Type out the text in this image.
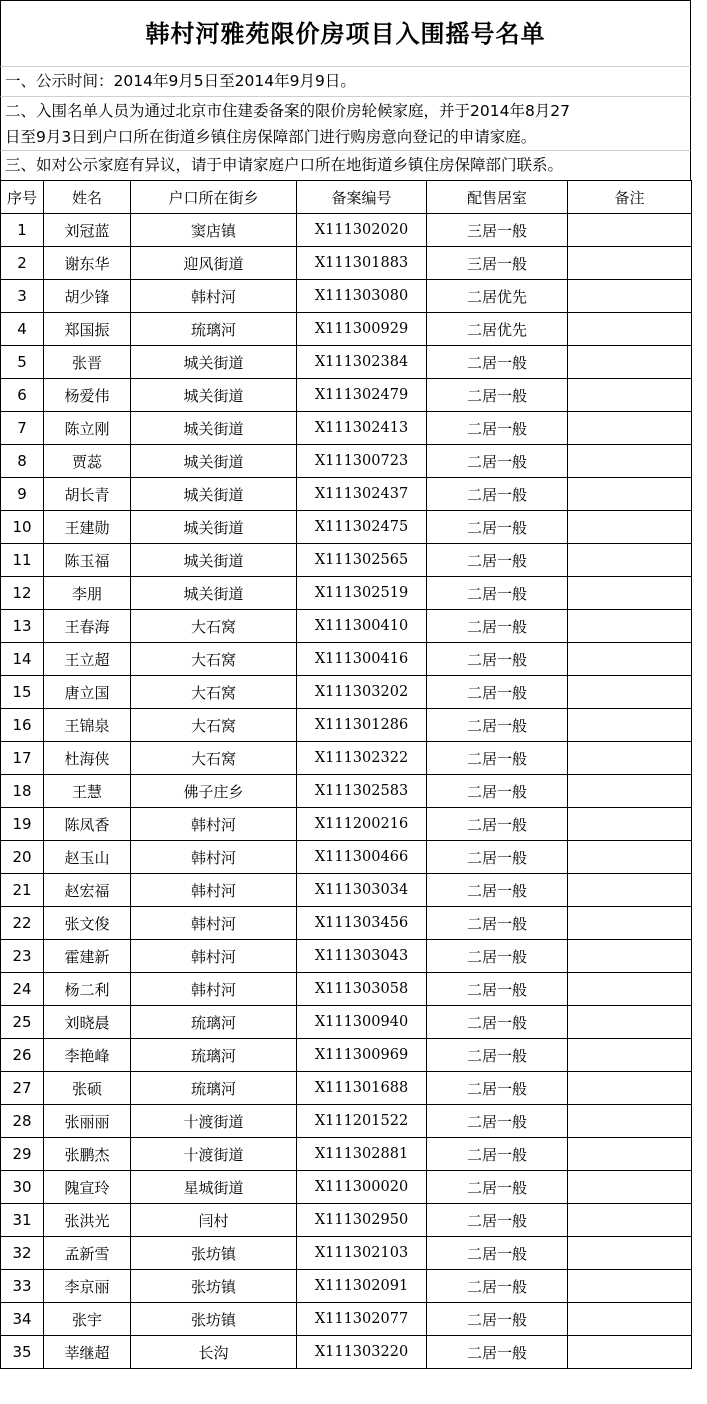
韩村河雅苑限价房项目入围摇号名单
一、公示时间：2014年9月5日至2014年9月9日。
二、入围名单人员为通过北京市住建委备案的限价房轮候家庭，并于2014年8月27
日至9月3日到户口所在街道乡镇住房保障部门进行购房意向登记的申请家庭。
三、如对公示家庭有异议，请于申请家庭户口所在地街道乡镇住房保障部门联系。
序号	姓名	户口所在街乡	备案编号	配售居室	备注
1	刘冠蓝	窦店镇	X111302020	三居一般	
2	谢东华	迎风街道	X111301883	三居一般	
3	胡少锋	韩村河	X111303080	二居优先	
4	郑国振	琉璃河	X111300929	二居优先	
5	张晋	城关街道	X111302384	二居一般	
6	杨爱伟	城关街道	X111302479	二居一般	
7	陈立刚	城关街道	X111302413	二居一般	
8	贾蕊	城关街道	X111300723	二居一般	
9	胡长青	城关街道	X111302437	二居一般	
10	王建勋	城关街道	X111302475	二居一般	
11	陈玉福	城关街道	X111302565	二居一般	
12	李朋	城关街道	X111302519	二居一般	
13	王春海	大石窝	X111300410	二居一般	
14	王立超	大石窝	X111300416	二居一般	
15	唐立国	大石窝	X111303202	二居一般	
16	王锦泉	大石窝	X111301286	二居一般	
17	杜海侠	大石窝	X111302322	二居一般	
18	王慧	佛子庄乡	X111302583	二居一般	
19	陈凤香	韩村河	X111200216	二居一般	
20	赵玉山	韩村河	X111300466	二居一般	
21	赵宏福	韩村河	X111303034	二居一般	
22	张文俊	韩村河	X111303456	二居一般	
23	霍建新	韩村河	X111303043	二居一般	
24	杨二利	韩村河	X111303058	二居一般	
25	刘晓晨	琉璃河	X111300940	二居一般	
26	李艳峰	琉璃河	X111300969	二居一般	
27	张硕	琉璃河	X111301688	二居一般	
28	张丽丽	十渡街道	X111201522	二居一般	
29	张鹏杰	十渡街道	X111302881	二居一般	
30	隗宣玲	星城街道	X111300020	二居一般	
31	张洪光	闫村	X111302950	二居一般	
32	孟新雪	张坊镇	X111302103	二居一般	
33	李京丽	张坊镇	X111302091	二居一般	
34	张宇	张坊镇	X111302077	二居一般	
35	莘继超	长沟	X111303220	二居一般	
